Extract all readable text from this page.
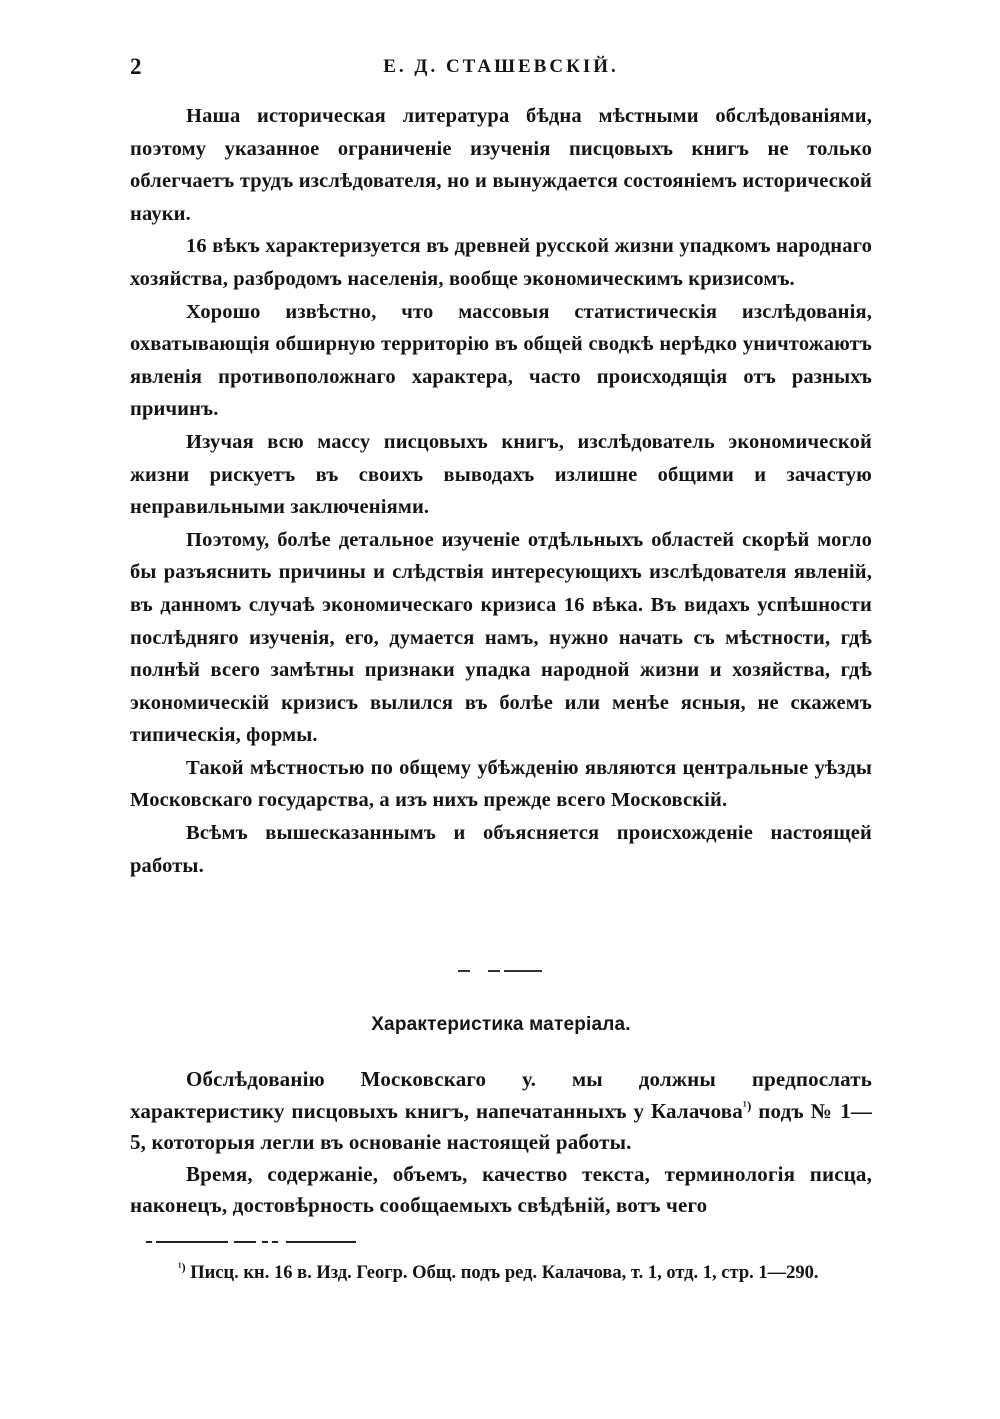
2	Е. Д. СТАШЕВСКІЙ.

Наша историческая литература бѣдна мѣстными обслѣдованіями, поэтому указанное ограниченіе изученія писцовыхъ книгъ не только облегчаетъ трудъ изслѣдователя, но и вынуждается состояніемъ исторической науки.

16 вѣкъ характеризуется въ древней русской жизни упадкомъ народнаго хозяйства, разбродомъ населенія, вообще экономическимъ кризисомъ.

Хорошо извѣстно, что массовыя статистическія изслѣдованія, охватывающія обширную территорію въ общей сводкѣ нерѣдко уничтожаютъ явленія противоположнаго характера, часто происходящія отъ разныхъ причинъ.

Изучая всю массу писцовыхъ книгъ, изслѣдователь экономической жизни рискуетъ въ своихъ выводахъ излишне общими и зачастую неправильными заключеніями.

Поэтому, болѣе детальное изученіе отдѣльныхъ областей скорѣй могло бы разъяснить причины и слѣдствія интересующихъ изслѣдователя явленій, въ данномъ случаѣ экономическаго кризиса 16 вѣка. Въ видахъ успѣшности послѣдняго изученія, его, думается намъ, нужно начать съ мѣстности, гдѣ полнѣй всего замѣтны признаки упадка народной жизни и хозяйства, гдѣ экономическій кризисъ вылился въ болѣе или менѣе ясныя, не скажемъ типическія, формы.

Такой мѣстностью по общему убѣжденію являются центральные уѣзды Московскаго государства, а изъ нихъ прежде всего Московскій.

Всѣмъ вышесказаннымъ и объясняется происхожденіе настоящей работы.

Характеристика матеріала.

Обслѣдованію Московскаго у. мы должны предпослать характеристику писцовыхъ книгъ, напечатанныхъ у Калачова$^{^1)}$ подъ № 1—5, кототорыя легли въ основаніе настоящей работы.

Время, содержаніе, объемъ, качество текста, терминологія писца, наконецъ, достовѣрность сообщаемыхъ свѣдѣній, вотъ чего

$^{^1)}$ Писц. кн. 16 в. Изд. Геогр. Общ. подъ ред. Калачова, т. 1, отд. 1, стр. 1—290.
